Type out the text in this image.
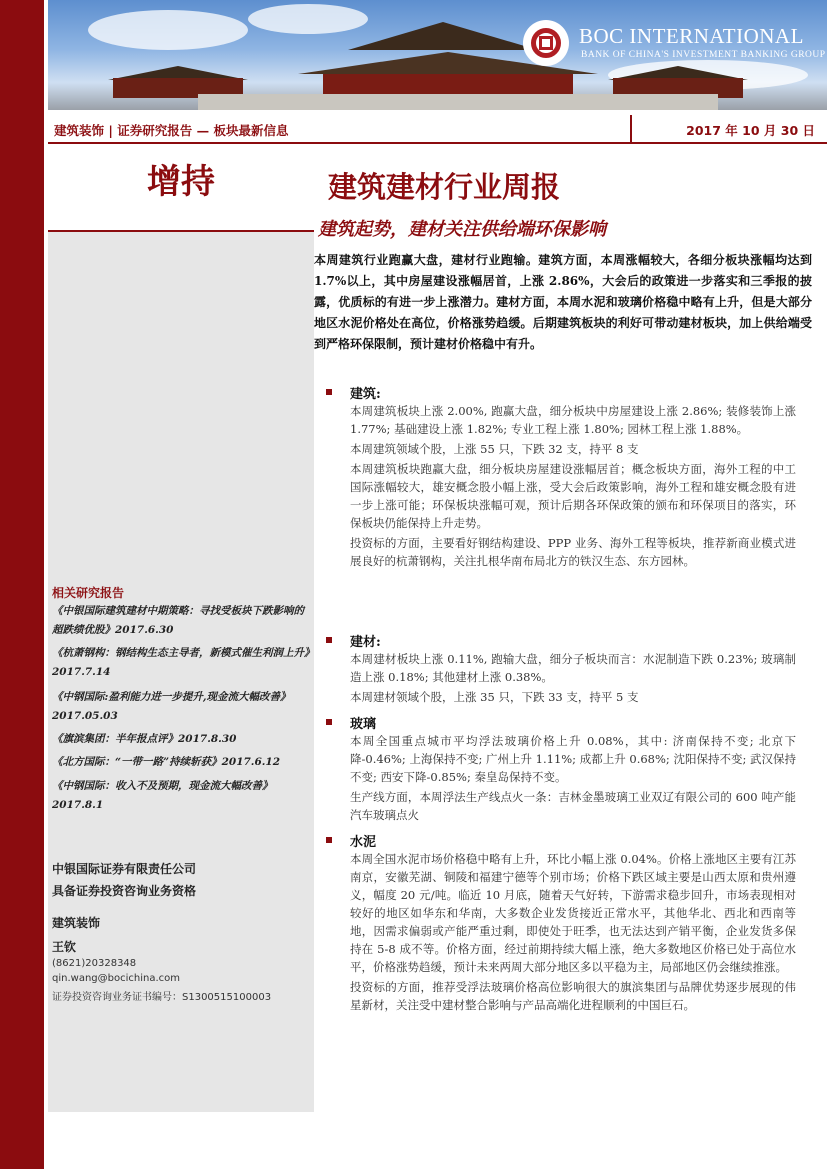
BOC INTERNATIONAL
BANK OF CHINA'S INVESTMENT BANKING GROUP
建筑装饰 | 证券研究报告 — 板块最新信息	2017 年 10 月 30 日
增持	建筑建材行业周报
建筑起势，建材关注供给端环保影响
本周建筑行业跑赢大盘，建材行业跑输。建筑方面，本周涨幅较大，各细分板块涨幅均达到 1.7%以上，其中房屋建设涨幅居首，上涨 2.86%，大会后的政策进一步落实和三季报的披露，优质标的有进一步上涨潜力。建材方面，本周水泥和玻璃价格稳中略有上升，但是大部分地区水泥价格处在高位，价格涨势趋缓。后期建筑板块的利好可带动建材板块，加上供给端受到严格环保限制，预计建材价格稳中有升。
建筑:
本周建筑板块上涨 2.00%, 跑赢大盘，细分板块中房屋建设上涨 2.86%; 装修装饰上涨 1.77%; 基础建设上涨 1.82%; 专业工程上涨 1.80%; 园林工程上涨 1.88%。
本周建筑领域个股，上涨 55 只，下跌 32 支，持平 8 支
本周建筑板块跑赢大盘，细分板块房屋建设涨幅居首；概念板块方面，海外工程的中工国际涨幅较大，雄安概念股小幅上涨，受大会后政策影响，海外工程和雄安概念股有进一步上涨可能；环保板块涨幅可观，预计后期各环保政策的颁布和环保项目的落实，环保板块仍能保持上升走势。
投资标的方面，主要看好钢结构建设、PPP 业务、海外工程等板块，推荐新商业模式进展良好的杭萧钢构，关注扎根华南布局北方的铁汉生态、东方园林。
建材:
本周建材板块上涨 0.11%, 跑输大盘，细分子板块而言：水泥制造下跌 0.23%; 玻璃制造上涨 0.18%; 其他建材上涨 0.38%。
本周建材领域个股，上涨 35 只，下跌 33 支，持平 5 支
玻璃
本周全国重点城市平均浮法玻璃价格上升 0.08%，其中: 济南保持不变; 北京下降-0.46%; 上海保持不变; 广州上升 1.11%; 成都上升 0.68%; 沈阳保持不变; 武汉保持不变; 西安下降-0.85%; 秦皇岛保持不变。
生产线方面，本周浮法生产线点火一条：吉林金墨玻璃工业双辽有限公司的 600 吨产能汽车玻璃点火
水泥
本周全国水泥市场价格稳中略有上升，环比小幅上涨 0.04%。价格上涨地区主要有江苏南京，安徽芜湖、铜陵和福建宁德等个别市场；价格下跌区域主要是山西太原和贵州遵义，幅度 20 元/吨。临近 10 月底，随着天气好转，下游需求稳步回升，市场表现相对较好的地区如华东和华南，大多数企业发货接近正常水平，其他华北、西北和西南等地，因需求偏弱或产能严重过剩，即使处于旺季，也无法达到产销平衡，企业发货多保持在 5-8 成不等。价格方面，经过前期持续大幅上涨，绝大多数地区价格已处于高位水平，价格涨势趋缓，预计未来两周大部分地区多以平稳为主，局部地区仍会继续推涨。
投资标的方面，推荐受浮法玻璃价格高位影响很大的旗滨集团与品牌优势逐步展现的伟星新材，关注受中建材整合影响与产品高端化进程顺利的中国巨石。
相关研究报告
《中银国际建筑建材中期策略：寻找受板块下跌影响的超跌绩优股》2017.6.30
《杭萧钢构：钢结构生态主导者，新模式催生利润上升》2017.7.14
《中钢国际:盈利能力进一步提升,现金流大幅改善》2017.05.03
《旗滨集团：半年报点评》2017.8.30
《北方国际：“一带一路”持续斩获》2017.6.12
《中钢国际：收入不及预期，现金流大幅改善》2017.8.1
中银国际证券有限责任公司
具备证券投资咨询业务资格
建筑装饰
王钦
(8621)20328348
qin.wang@bocichina.com
证券投资咨询业务证书编号：S1300515100003
